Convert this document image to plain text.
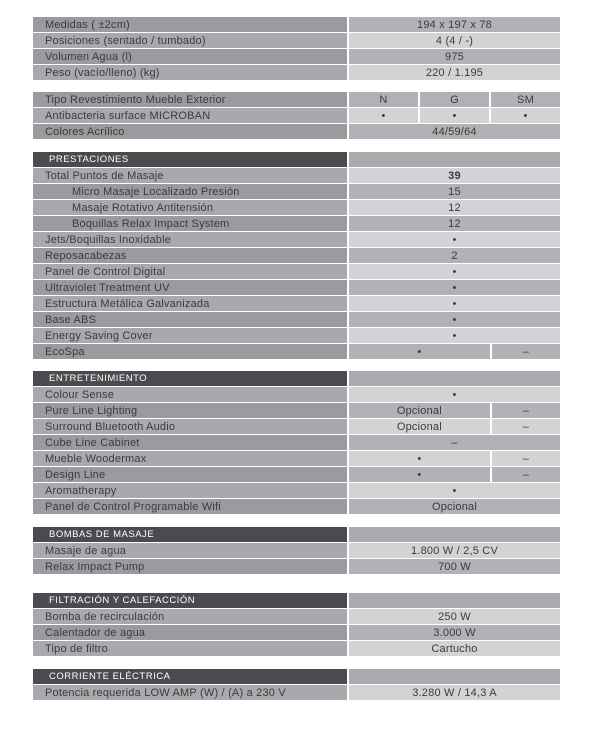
Medidas ( ±2cm)	194 x 197 x 78
Posiciones (sentado / tumbado)	4 (4 / -)
Volumen Agua (l)	975
Peso (vacío/lleno) (kg)	220 / 1.195
Tipo Revestimiento Mueble Exterior	N	G	SM
Antibacteria surface MICROBAN	•	•	•
Colores Acrílico	44/59/64
PRESTACIONES
Total Puntos de Masaje	39
Micro Masaje Localizado Presión	15
Masaje Rotativo Antitensión	12
Boquillas Relax Impact System	12
Jets/Boquillas Inoxidable	•
Reposacabezas	2
Panel de Control Digital	•
Ultraviolet Treatment UV	•
Estructura Metálica Galvanizada	•
Base ABS	•
Energy Saving Cover	•
EcoSpa	•	–
ENTRETENIMIENTO
Colour Sense	•
Pure Line Lighting	Opcional	–
Surround Bluetooth Audio	Opcional	–
Cube Line Cabinet	–
Mueble Woodermax	•	–
Design Line	•	–
Aromatherapy	•
Panel de Control Programable Wifi	Opcional
BOMBAS DE MASAJE
Masaje de agua	1.800 W / 2,5 CV
Relax Impact Pump	700 W
FILTRACIÓN Y CALEFACCIÓN
Bomba de recirculación	250 W
Calentador de agua	3.000 W
Tipo de filtro	Cartucho
CORRIENTE ELÉCTRICA
Potencia requerida LOW AMP (W) / (A) a 230 V	3.280 W / 14,3 A
